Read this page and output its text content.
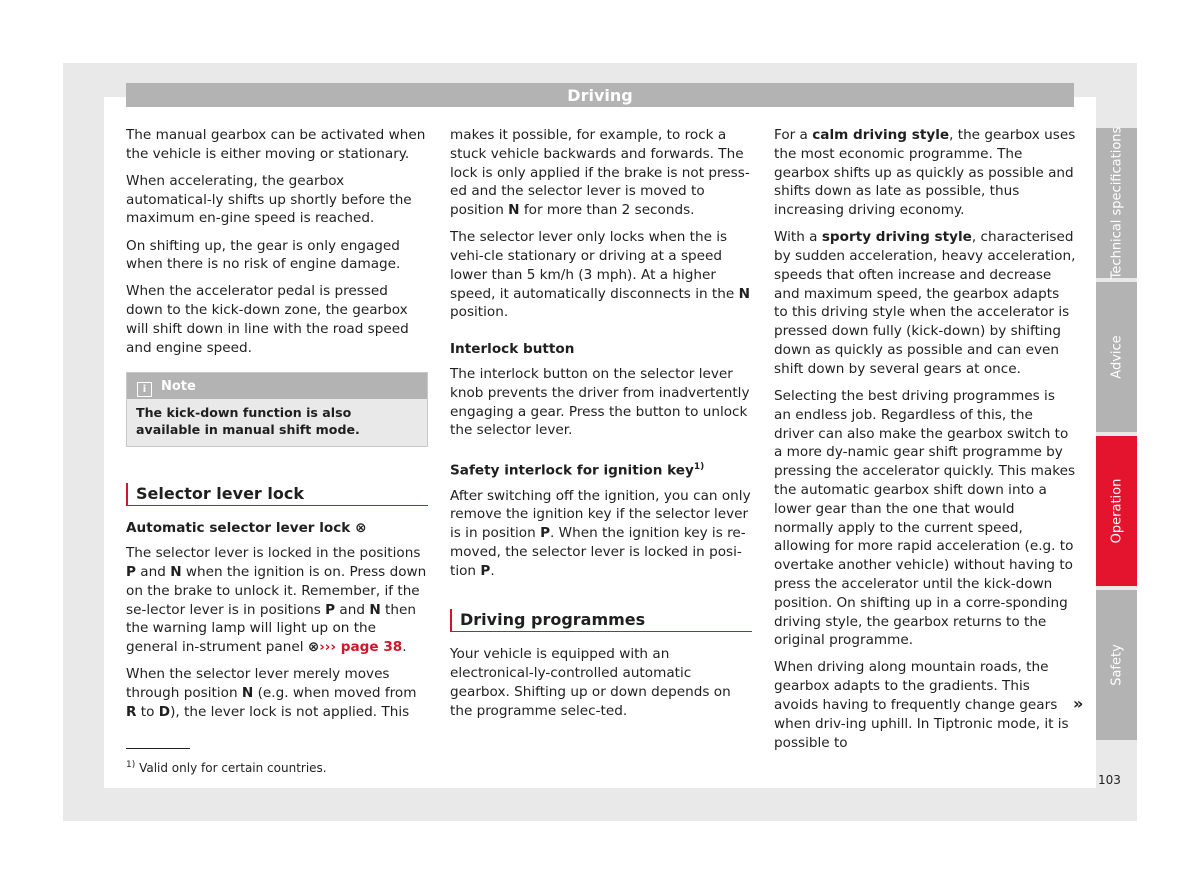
Driving

The manual gearbox can be activated when the vehicle is either moving or stationary.

When accelerating, the gearbox automatical-ly shifts up shortly before the maximum en-gine speed is reached.

On shifting up, the gear is only engaged when there is no risk of engine damage.

When the accelerator pedal is pressed down to the kick-down zone, the gearbox will shift down in line with the road speed and engine speed.

i Note
The kick-down function is also available in manual shift mode.
Selector lever lock
Automatic selector lever lock ⊗

The selector lever is locked in the positions P and N when the ignition is on. Press down on the brake to unlock it. Remember, if the se-lector lever is in positions P and N then the warning lamp will light up on the general in-strument panel ⊗››› page 38.

When the selector lever merely moves through position N (e.g. when moved from R to D), the lever lock is not applied. This

makes it possible, for example, to rock a stuck vehicle backwards and forwards. The lock is only applied if the brake is not press-ed and the selector lever is moved to position N for more than 2 seconds.

The selector lever only locks when the is vehi-cle stationary or driving at a speed lower than 5 km/h (3 mph). At a higher speed, it automatically disconnects in the N position.

Interlock button

The interlock button on the selector lever knob prevents the driver from inadvertently engaging a gear. Press the button to unlock the selector lever.

Safety interlock for ignition key$^{1)}$

After switching off the ignition, you can only remove the ignition key if the selector lever is in position P. When the ignition key is re-moved, the selector lever is locked in posi-tion P.

Driving programmes

Your vehicle is equipped with an electronical-ly-controlled automatic gearbox. Shifting up or down depends on the programme selec-ted.

For a calm driving style, the gearbox uses the most economic programme. The gearbox shifts up as quickly as possible and shifts down as late as possible, thus increasing driving economy.

With a sporty driving style, characterised by sudden acceleration, heavy acceleration, speeds that often increase and decrease and maximum speed, the gearbox adapts to this driving style when the accelerator is pressed down fully (kick-down) by shifting down as quickly as possible and can even shift down by several gears at once.

Selecting the best driving programmes is an endless job. Regardless of this, the driver can also make the gearbox switch to a more dy-namic gear shift programme by pressing the accelerator quickly. This makes the automatic gearbox shift down into a lower gear than the one that would normally apply to the current speed, allowing for more rapid acceleration (e.g. to overtake another vehicle) without having to press the accelerator until the kick-down position. On shifting up in a corre-sponding driving style, the gearbox returns to the original programme.

When driving along mountain roads, the gearbox adapts to the gradients. This avoids having to frequently change gears when driv-ing uphill. In Tiptronic mode, it is possible to

»
Technical specifications
Advice
Operation
Safety
$^{1)}$ Valid only for certain countries.
103
